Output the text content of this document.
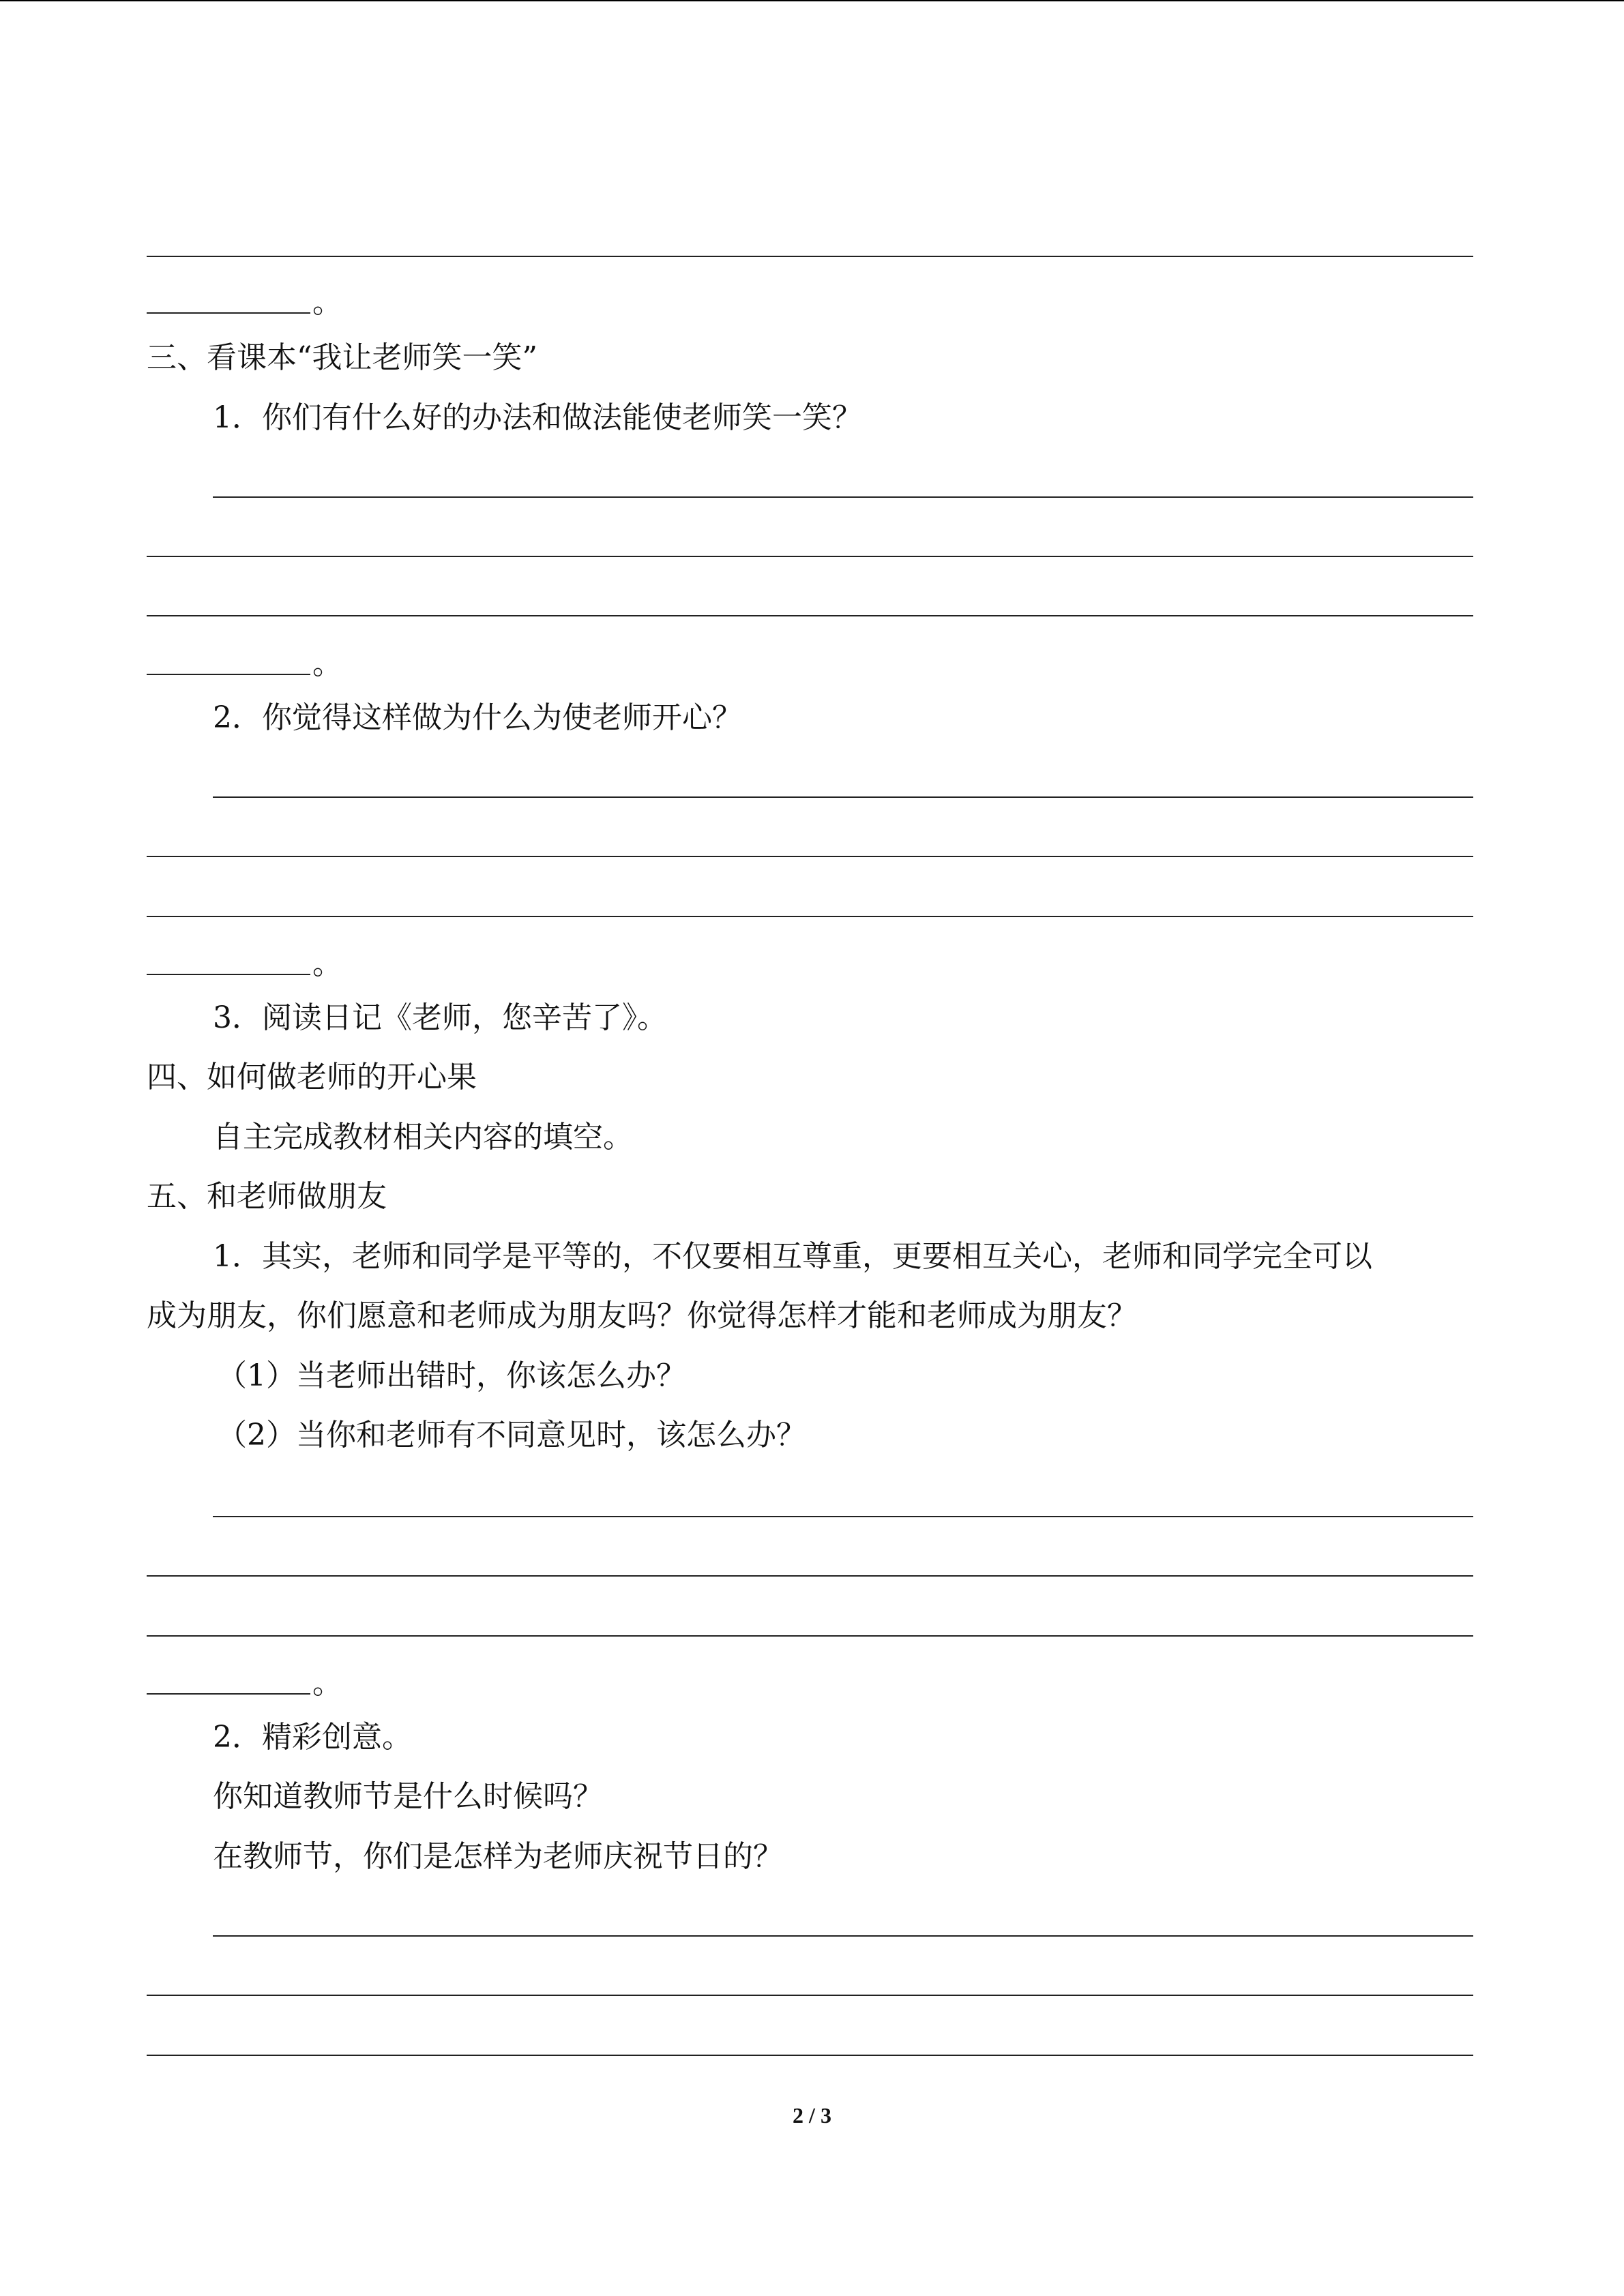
。
三、看课本“我让老师笑一笑”
1．你们有什么好的办法和做法能使老师笑一笑？
。
2．你觉得这样做为什么为使老师开心？
。
3．阅读日记《老师，您辛苦了》。
四、如何做老师的开心果
自主完成教材相关内容的填空。
五、和老师做朋友
1．其实，老师和同学是平等的，不仅要相互尊重，更要相互关心，老师和同学完全可以
成为朋友，你们愿意和老师成为朋友吗？你觉得怎样才能和老师成为朋友？
（1）当老师出错时，你该怎么办？
（2）当你和老师有不同意见时，该怎么办？
。
2．精彩创意。
你知道教师节是什么时候吗？
在教师节，你们是怎样为老师庆祝节日的？
2 / 3
